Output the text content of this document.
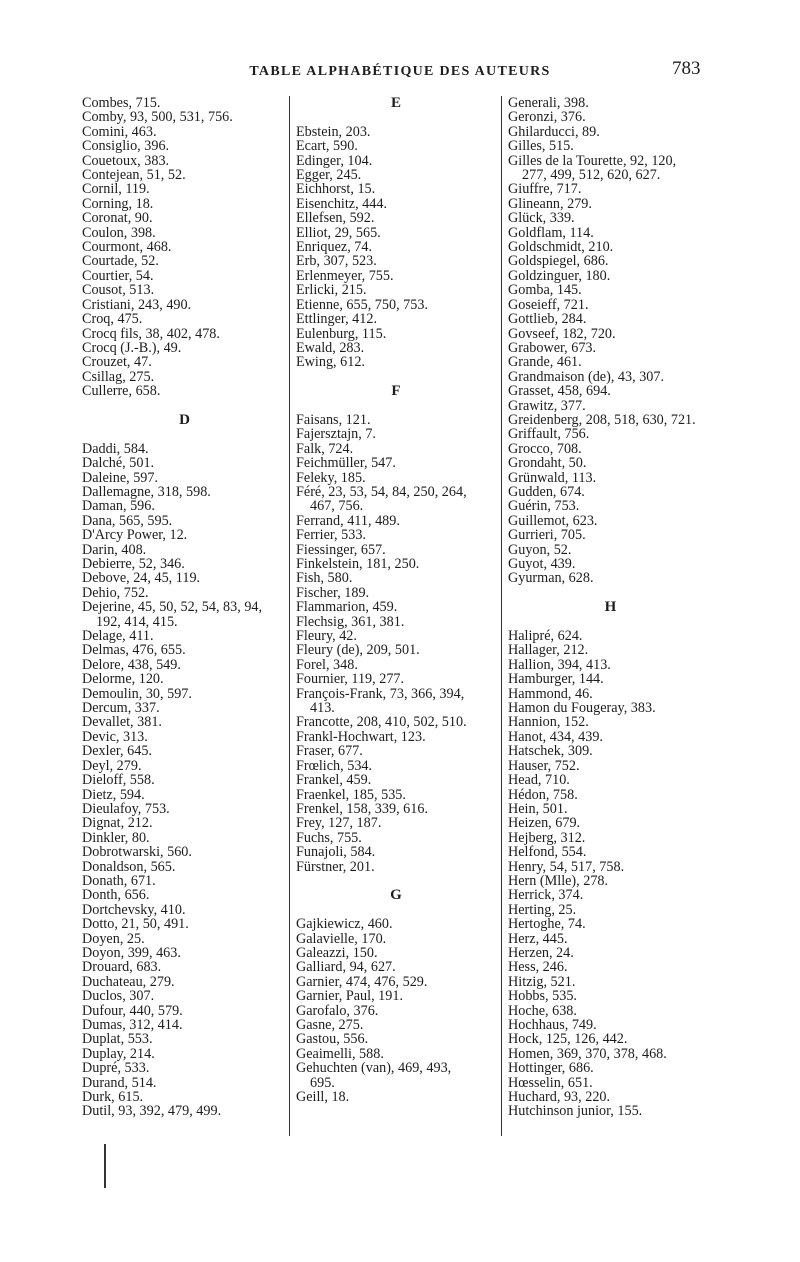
TABLE ALPHABÉTIQUE DES AUTEURS	783
Combes, 715.
Comby, 93, 500, 531, 756.
Comini, 463.
Consiglio, 396.
Couetoux, 383.
Contejean, 51, 52.
Cornil, 119.
Corning, 18.
Coronat, 90.
Coulon, 398.
Courmont, 468.
Courtade, 52.
Courtier, 54.
Cousot, 513.
Cristiani, 243, 490.
Croq, 475.
Crocq fils, 38, 402, 478.
Crocq (J.-B.), 49.
Crouzet, 47.
Csillag, 275.
Cullerre, 658.

D

Daddi, 584.
Dalché, 501.
Daleine, 597.
Dallemagne, 318, 598.
Daman, 596.
Dana, 565, 595.
D'Arcy Power, 12.
Darin, 408.
Debierre, 52, 346.
Debove, 24, 45, 119.
Dehio, 752.
Dejerine, 45, 50, 52, 54, 83, 94,
192, 414, 415.
Delage, 411.
Delmas, 476, 655.
Delore, 438, 549.
Delorme, 120.
Demoulin, 30, 597.
Dercum, 337.
Devallet, 381.
Devic, 313.
Dexler, 645.
Deyl, 279.
Dieloff, 558.
Dietz, 594.
Dieulafoy, 753.
Dignat, 212.
Dinkler, 80.
Dobrotwarski, 560.
Donaldson, 565.
Donath, 671.
Donth, 656.
Dortchevsky, 410.
Dotto, 21, 50, 491.
Doyen, 25.
Doyon, 399, 463.
Drouard, 683.
Duchateau, 279.
Duclos, 307.
Dufour, 440, 579.
Dumas, 312, 414.
Duplat, 553.
Duplay, 214.
Dupré, 533.
Durand, 514.
Durk, 615.
Dutil, 93, 392, 479, 499.
E

Ebstein, 203.
Ecart, 590.
Edinger, 104.
Egger, 245.
Eichhorst, 15.
Eisenchitz, 444.
Ellefsen, 592.
Elliot, 29, 565.
Enriquez, 74.
Erb, 307, 523.
Erlenmeyer, 755.
Erlicki, 215.
Etienne, 655, 750, 753.
Ettlinger, 412.
Eulenburg, 115.
Ewald, 283.
Ewing, 612.

F

Faisans, 121.
Fajersztajn, 7.
Falk, 724.
Feichmüller, 547.
Feleky, 185.
Féré, 23, 53, 54, 84, 250, 264,
467, 756.
Ferrand, 411, 489.
Ferrier, 533.
Fiessinger, 657.
Finkelstein, 181, 250.
Fish, 580.
Fischer, 189.
Flammarion, 459.
Flechsig, 361, 381.
Fleury, 42.
Fleury (de), 209, 501.
Forel, 348.
Fournier, 119, 277.
François-Frank, 73, 366, 394,
413.
Francotte, 208, 410, 502, 510.
Frankl-Hochwart, 123.
Fraser, 677.
Frœlich, 534.
Frankel, 459.
Fraenkel, 185, 535.
Frenkel, 158, 339, 616.
Frey, 127, 187.
Fuchs, 755.
Funajoli, 584.
Fürstner, 201.

G

Gajkiewicz, 460.
Galavielle, 170.
Galeazzi, 150.
Galliard, 94, 627.
Garnier, 474, 476, 529.
Garnier, Paul, 191.
Garofalo, 376.
Gasne, 275.
Gastou, 556.
Geaimelli, 588.
Gehuchten (van), 469, 493,
695.
Geill, 18.
Generali, 398.
Geronzi, 376.
Ghilarducci, 89.
Gilles, 515.
Gilles de la Tourette, 92, 120,
277, 499, 512, 620, 627.
Giuffre, 717.
Glineann, 279.
Glück, 339.
Goldflam, 114.
Goldschmidt, 210.
Goldspiegel, 686.
Goldzinguer, 180.
Gomba, 145.
Goseieff, 721.
Gottlieb, 284.
Govseef, 182, 720.
Grabower, 673.
Grande, 461.
Grandmaison (de), 43, 307.
Grasset, 458, 694.
Grawitz, 377.
Greidenberg, 208, 518, 630, 721.
Griffault, 756.
Grocco, 708.
Grondaht, 50.
Grünwald, 113.
Gudden, 674.
Guérin, 753.
Guillemot, 623.
Gurrieri, 705.
Guyon, 52.
Guyot, 439.
Gyurman, 628.

H

Halipré, 624.
Hallager, 212.
Hallion, 394, 413.
Hamburger, 144.
Hammond, 46.
Hamon du Fougeray, 383.
Hannion, 152.
Hanot, 434, 439.
Hatschek, 309.
Hauser, 752.
Head, 710.
Hédon, 758.
Hein, 501.
Heizen, 679.
Hejberg, 312.
Helfond, 554.
Henry, 54, 517, 758.
Hern (Mlle), 278.
Herrick, 374.
Herting, 25.
Hertoghe, 74.
Herz, 445.
Herzen, 24.
Hess, 246.
Hitzig, 521.
Hobbs, 535.
Hoche, 638.
Hochhaus, 749.
Hock, 125, 126, 442.
Homen, 369, 370, 378, 468.
Hottinger, 686.
Hœsselin, 651.
Huchard, 93, 220.
Hutchinson junior, 155.
